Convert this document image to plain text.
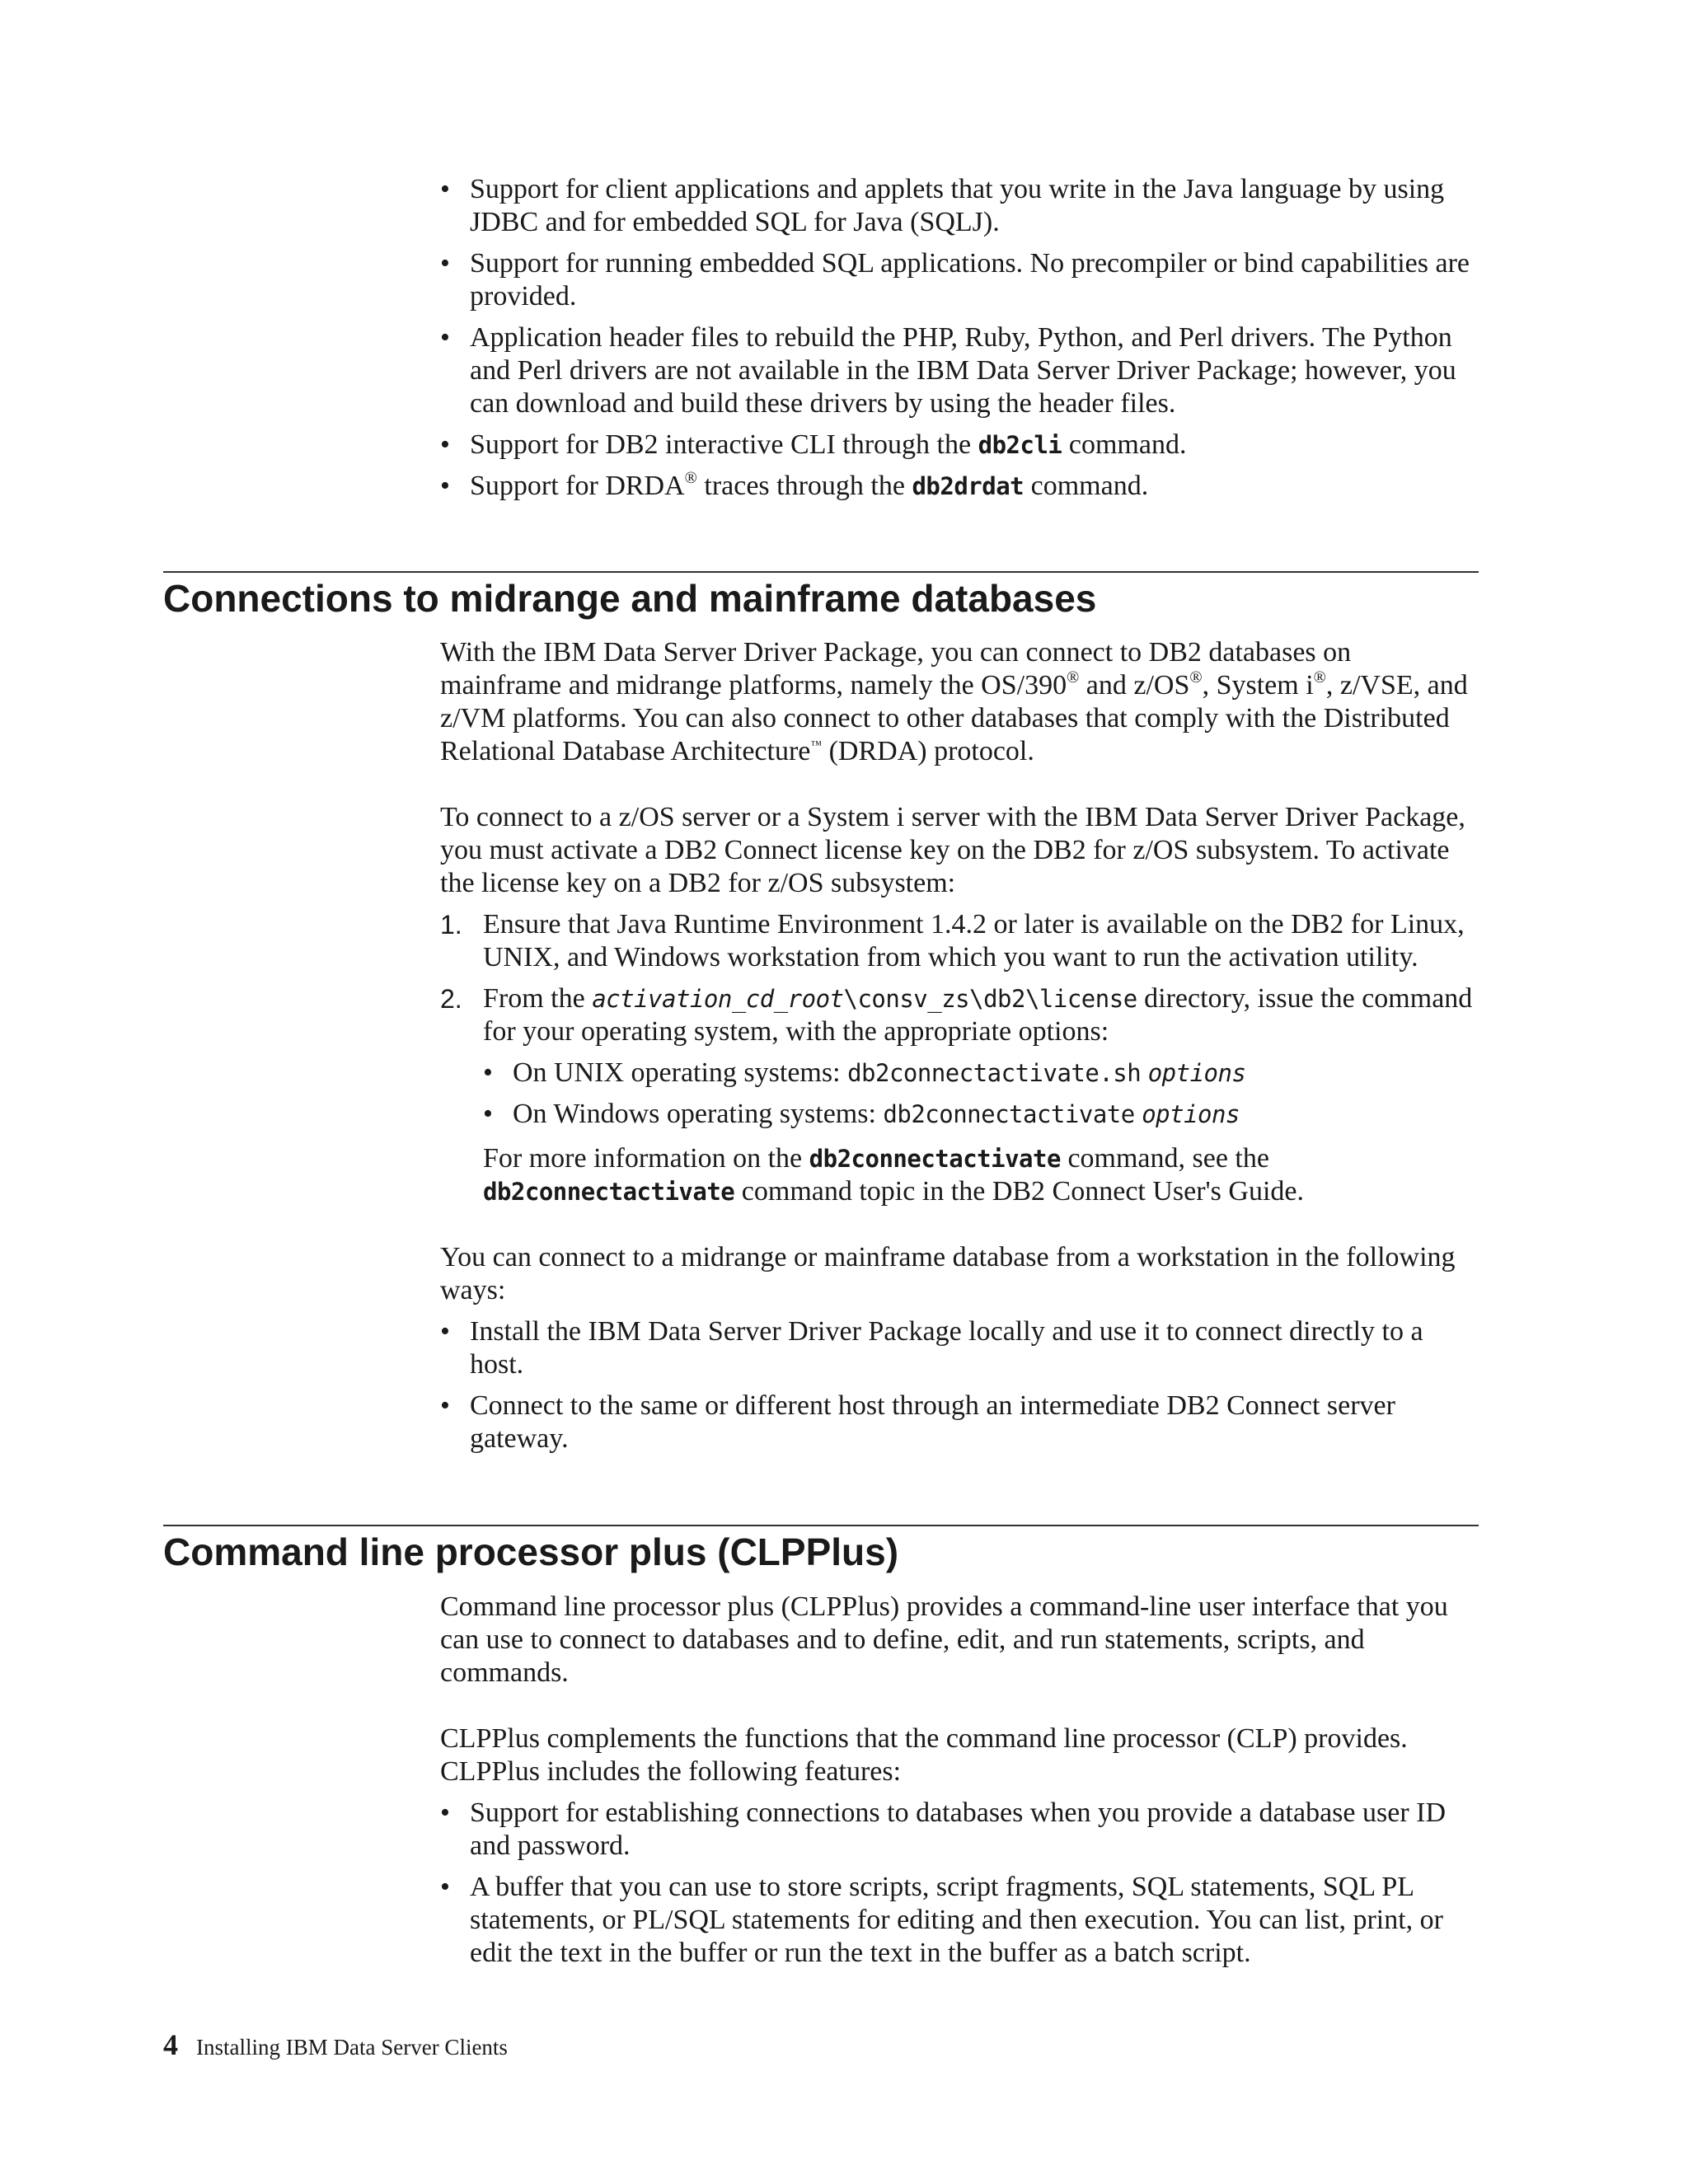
• Support for client applications and applets that you write in the Java language by using JDBC and for embedded SQL for Java (SQLJ).
• Support for running embedded SQL applications. No precompiler or bind capabilities are provided.
• Application header files to rebuild the PHP, Ruby, Python, and Perl drivers. The Python and Perl drivers are not available in the IBM Data Server Driver Package; however, you can download and build these drivers by using the header files.
• Support for DB2 interactive CLI through the db2cli command.
• Support for DRDA® traces through the db2drdat command.
Connections to midrange and mainframe databases

With the IBM Data Server Driver Package, you can connect to DB2 databases on mainframe and midrange platforms, namely the OS/390® and z/OS®, System i®, z/VSE, and z/VM platforms. You can also connect to other databases that comply with the Distributed Relational Database Architecture™ (DRDA) protocol.

To connect to a z/OS server or a System i server with the IBM Data Server Driver Package, you must activate a DB2 Connect license key on the DB2 for z/OS subsystem. To activate the license key on a DB2 for z/OS subsystem:

1. Ensure that Java Runtime Environment 1.4.2 or later is available on the DB2 for Linux, UNIX, and Windows workstation from which you want to run the activation utility.
2. From the activation_cd_root\consv_zs\db2\license directory, issue the command for your operating system, with the appropriate options:
• On UNIX operating systems: db2connectactivate.sh options
• On Windows operating systems: db2connectactivate options

For more information on the db2connectactivate command, see the db2connectactivate command topic in the DB2 Connect User's Guide.

You can connect to a midrange or mainframe database from a workstation in the following ways:

• Install the IBM Data Server Driver Package locally and use it to connect directly to a host.
• Connect to the same or different host through an intermediate DB2 Connect server gateway.
Command line processor plus (CLPPlus)

Command line processor plus (CLPPlus) provides a command-line user interface that you can use to connect to databases and to define, edit, and run statements, scripts, and commands.

CLPPlus complements the functions that the command line processor (CLP) provides. CLPPlus includes the following features:

• Support for establishing connections to databases when you provide a database user ID and password.
• A buffer that you can use to store scripts, script fragments, SQL statements, SQL PL statements, or PL/SQL statements for editing and then execution. You can list, print, or edit the text in the buffer or run the text in the buffer as a batch script.
4 Installing IBM Data Server Clients
